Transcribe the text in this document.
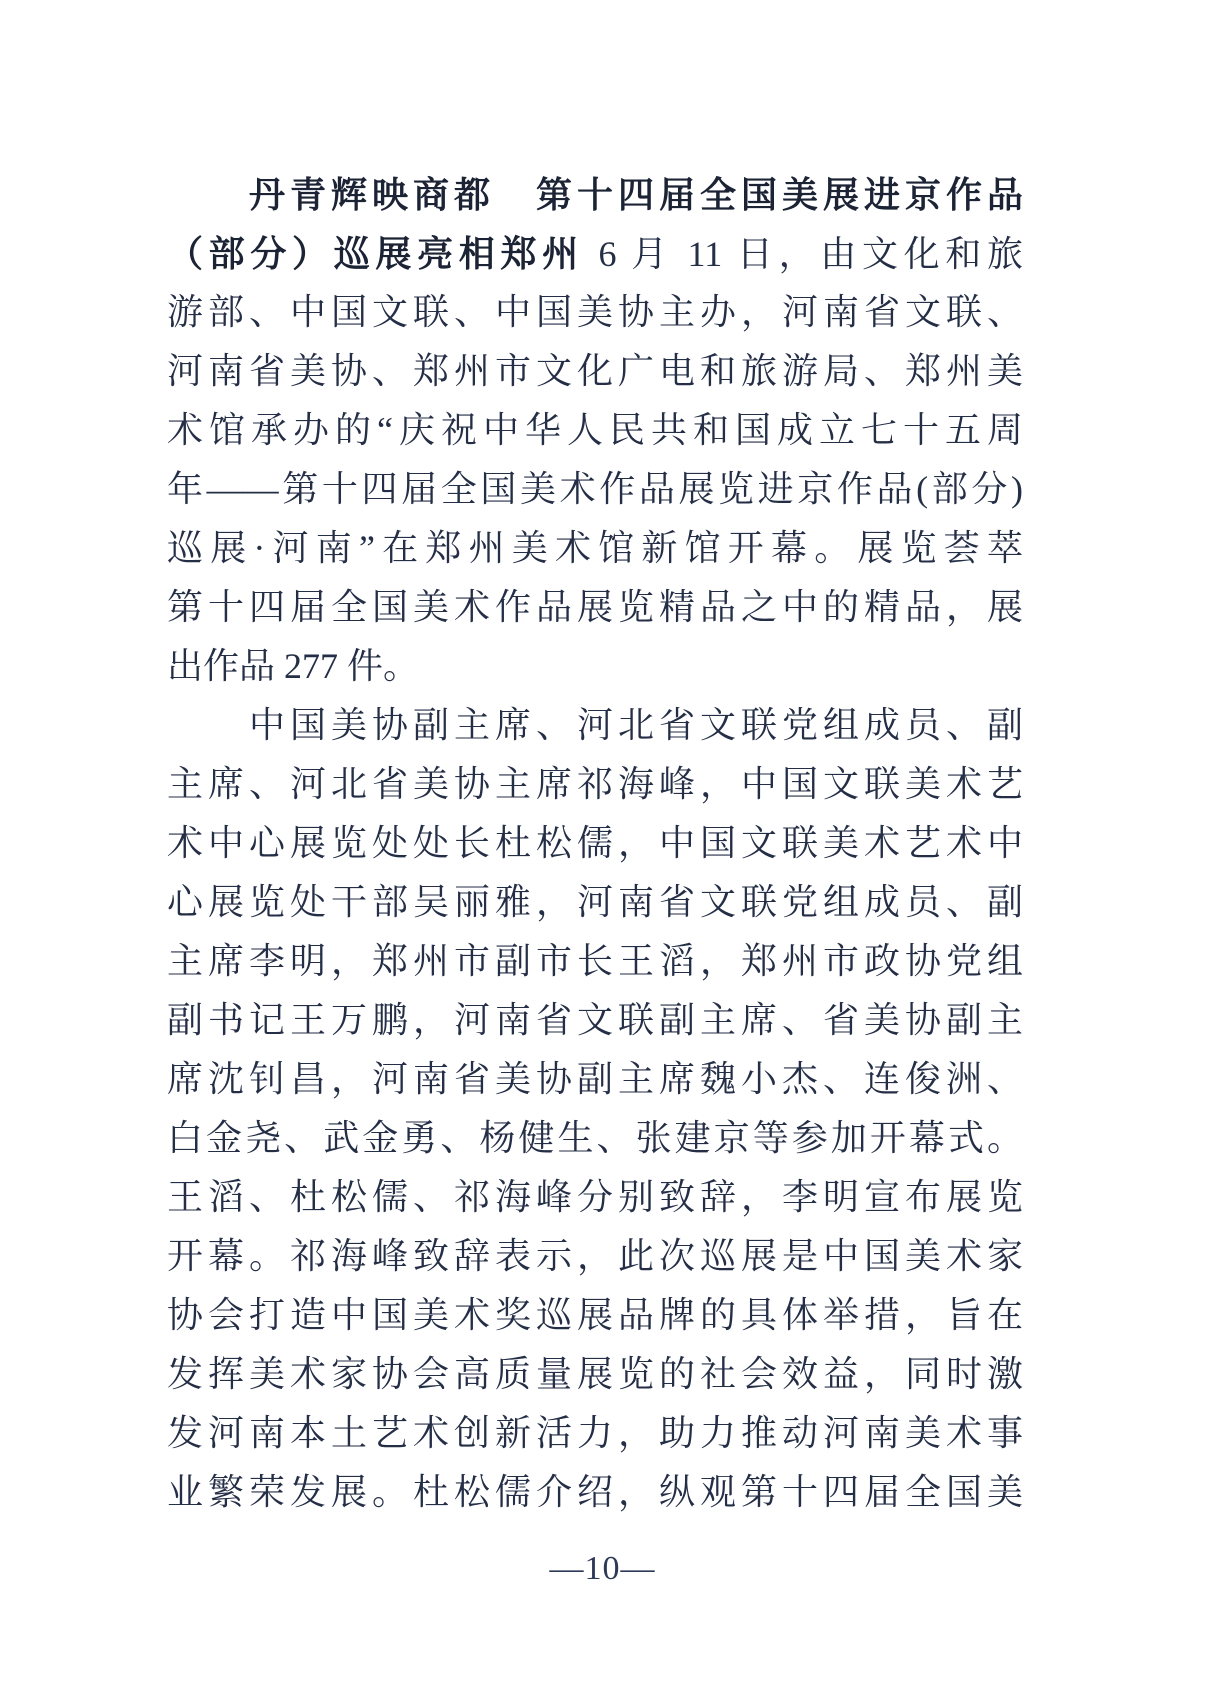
丹青辉映商都　第十四届全国美展进京作品
（部分）巡展亮相郑州 6 月 11 日，由文化和旅
游部、中国文联、中国美协主办，河南省文联、
河南省美协、郑州市文化广电和旅游局、郑州美
术馆承办的“庆祝中华人民共和国成立七十五周
年——第十四届全国美术作品展览进京作品(部分)
巡展·河南”在郑州美术馆新馆开幕。展览荟萃
第十四届全国美术作品展览精品之中的精品，展
出作品 277 件。
中国美协副主席、河北省文联党组成员、副
主席、河北省美协主席祁海峰，中国文联美术艺
术中心展览处处长杜松儒，中国文联美术艺术中
心展览处干部吴丽雅，河南省文联党组成员、副
主席李明，郑州市副市长王滔，郑州市政协党组
副书记王万鹏，河南省文联副主席、省美协副主
席沈钊昌，河南省美协副主席魏小杰、连俊洲、
白金尧、武金勇、杨健生、张建京等参加开幕式。
王滔、杜松儒、祁海峰分别致辞，李明宣布展览
开幕。祁海峰致辞表示，此次巡展是中国美术家
协会打造中国美术奖巡展品牌的具体举措，旨在
发挥美术家协会高质量展览的社会效益，同时激
发河南本土艺术创新活力，助力推动河南美术事
业繁荣发展。杜松儒介绍，纵观第十四届全国美
—10—
